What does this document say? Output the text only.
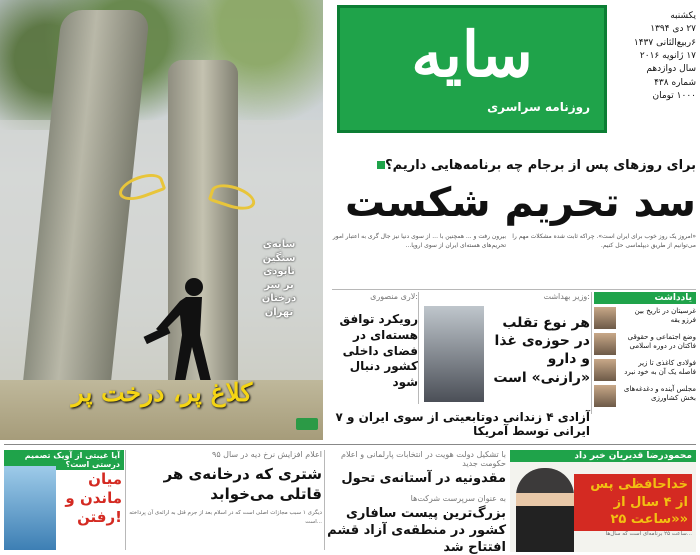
سایه‌ی
سنگین
نابودی
بر سر
درختان
تهران
کلاغ پر، درخت پر
سایه
روزنامه سراسری
یکشنبه
۲۷ دی ۱۳۹۴
۶ربیع‌الثانی ۱۴۳۷
۱۷ ژانویه ۲۰۱۶
سال دوازدهم
شماره ۴۳۸
۱۰۰۰ تومان
برای روزهای پس از برجام چه برنامه‌هایی داریم؟
سد تحریم شکست
«امروز یک روز خوب برای ایران است». چراکه ثابت شده مشکلات مهم را می‌توانیم از طریق دیپلماسی حل کنیم.
بیرون رفت و ... همچنین با ... از سوی دنیا نیز جال گری به اعتبار امور تحریم‌های هسته‌ای ایران از سوی اروپا...
وزیر بهداشت:
هر نوع تقلب در حوزه‌ی غذا و دارو «رازنی» است
لاری منصوری:
رویکرد توافق هسته‌ای در فضای داخلی کشور دنبال شود
یادداشت
غرسیتان در تاریخ بین فرزو یقه
وضع اجتماعی و حقوقی فاکتان در دوره اسلامی
فولادی کاغذی تا زیر فاصله یک آن به خود نبرد
مجلس آینده و دغدغه‌های بخش کشاورزی
آزادی ۴ زندانی دوتابعیتی از سوی ایران و ۷ ایرانی توسط آمریکا
آیا غیبتی از آویک تصمیم درستی است؟
میان ماندن و رفتن!
اعلام افزایش نرخ دیه در سال ۹۵
شتری که درخانه‌ی هر قاتلی می‌خوابد
دیگری ۱ سبب مجازات اصلی است که در اسلام بعد از جرم قتل به ارائه‌ی آن پرداخته است...
با تشکیل دولت هویت در انتخابات پارلمانی و اعلام حکومت جدید
مقدونیه در آستانه‌ی تحول
به عنوان سرپرست شرکت‌ها
بزرگ‌ترین پیست سافاری کشور در منطقه‌ی آزاد قشم افتتاح شد
محمودرضا قدیریان خبر داد
خداحافظی پس از ۴ سال از «ساعت ۲۵»
ساعت ۲۵ برنامه‌ای است که سال‌ها...
